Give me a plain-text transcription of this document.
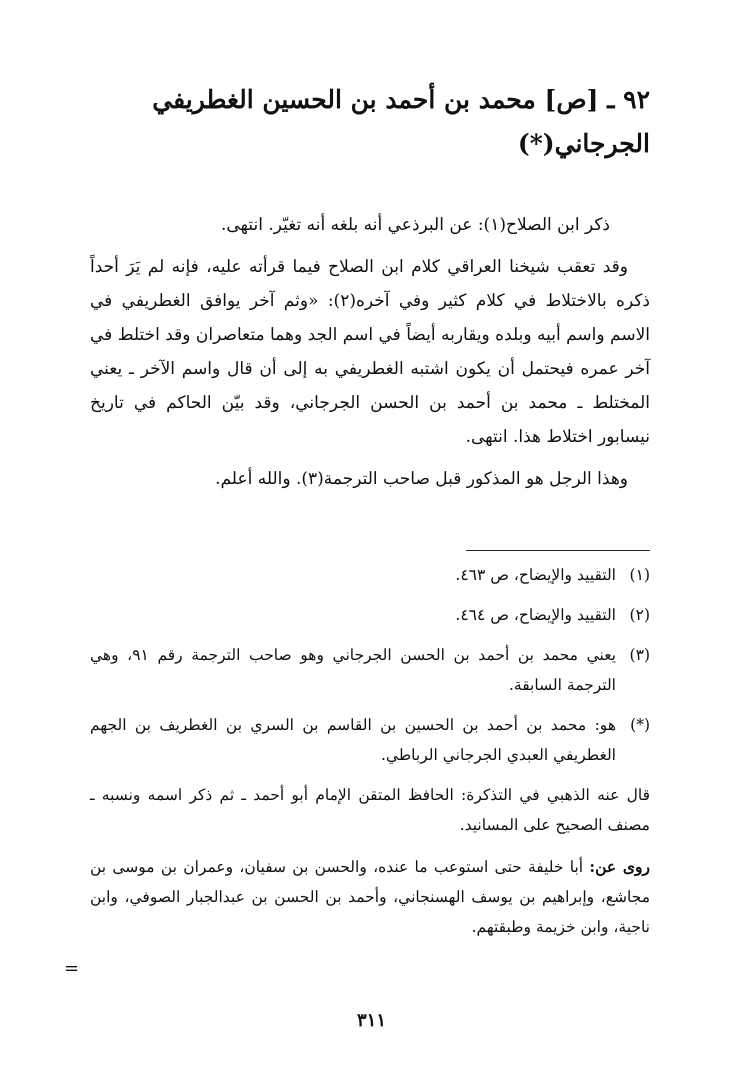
٩٢ ـ [ص] محمد بن أحمد بن الحسين الغطريفي
الجرجاني(*)

ذكر ابن الصلاح(١): عن البرذعي أنه بلغه أنه تغيّر. انتهى.

وقد تعقب شيخنا العراقي كلام ابن الصلاح فيما قرأته عليه، فإنه لم يَرَ أحداً ذكره بالاختلاط في كلام كثير وفي آخره(٢): «وثم آخر يوافق الغطريفي في الاسم واسم أبيه وبلده ويقاربه أيضاً في اسم الجد وهما متعاصران وقد اختلط في آخر عمره فيحتمل أن يكون اشتبه الغطريفي به إلى أن قال واسم الآخر ـ يعني المختلط ـ محمد بن أحمد بن الحسن الجرجاني، وقد بيّن الحاكم في تاريخ نيسابور اختلاط هذا. انتهى.

وهذا الرجل هو المذكور قبل صاحب الترجمة(٣). والله أعلم.

(١)
التقييد والإيضاح، ص ٤٦٣.
(٢)
التقييد والإيضاح، ص ٤٦٤.
(٣)
يعني محمد بن أحمد بن الحسن الجرجاني وهو صاحب الترجمة رقم ٩١، وهي الترجمة السابقة.
(*)
هو: محمد بن أحمد بن الحسين بن القاسم بن السري بن الغطريف بن الجهم الغطريفي العبدي الجرجاني الرباطي.

قال عنه الذهبي في التذكرة: الحافظ المتقن الإمام أبو أحمد ـ ثم ذكر اسمه ونسبه ـ مصنف الصحيح على المسانيد.

روى عن: أبا خليفة حتى استوعب ما عنده، والحسن بن سفيان، وعمران بن موسى بن مجاشع، وإبراهيم بن يوسف الهسنجاني، وأحمد بن الحسن بن عبدالجبار الصوفي، وابن ناجية، وابن خزيمة وطبقتهم.

=
٣١١
